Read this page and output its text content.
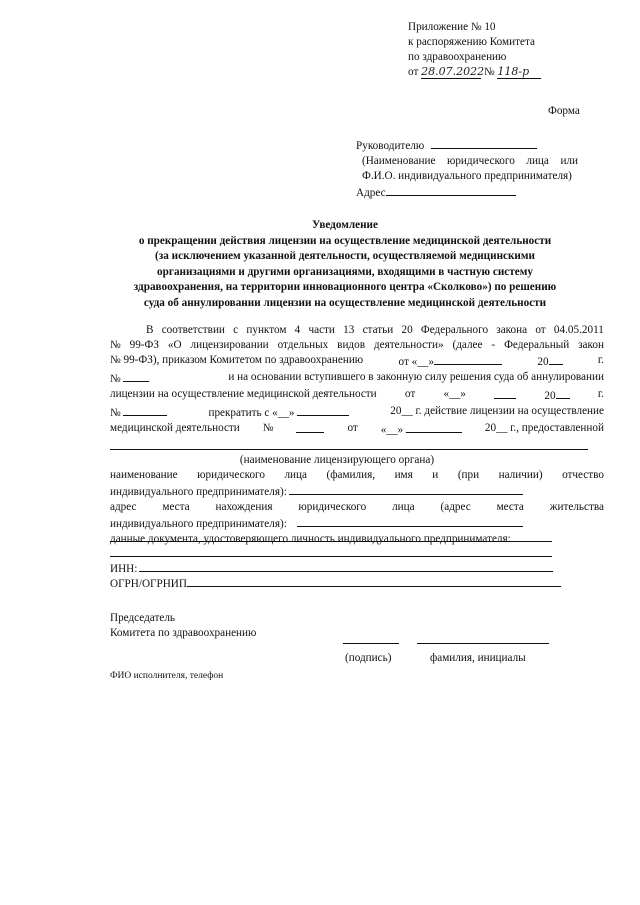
Приложение № 10
к распоряжению Комитета
по здравоохранению
от 28.07.2022 № 118-р
Форма
Руководителю
(Наименование юридического лица или
Ф.И.О. индивидуального предпринимателя)
Адрес
Уведомление
о прекращении действия лицензии на осуществление медицинской деятельности
(за исключением указанной деятельности, осуществляемой медицинскими
организациями и другими организациями, входящими в частную систему
здравоохранения, на территории инновационного центра «Сколково») по решению
суда об аннулировании лицензии на осуществление медицинской деятельности
В соответствии с пунктом 4 части 13 статьи 20 Федерального закона от 04.05.2011
№ 99-ФЗ «О лицензировании отдельных видов деятельности» (далее - Федеральный закон
№ 99-ФЗ), приказом Комитетом по здравоохранению	от «__»	20	г.
№	и на основании вступившего в законную силу решения суда об аннулировании
лицензии на осуществление медицинской деятельности	от	«__»	20	г.
№	прекратить с «__»	20__ г. действие лицензии на осуществление
медицинской деятельности №	от «__»	20__ г., предоставленной
(наименование лицензирующего органа)
наименование юридического лица (фамилия, имя и (при наличии) отчество
индивидуального предпринимателя):
адрес места нахождения юридического лица (адрес места жительства
индивидуального предпринимателя):
данные документа, удостоверяющего личность индивидуального предпринимателя:
ИНН:
ОГРН/ОГРНИП
Председатель
Комитета по здравоохранению
(подпись)	фамилия, инициалы
ФИО исполнителя, телефон
